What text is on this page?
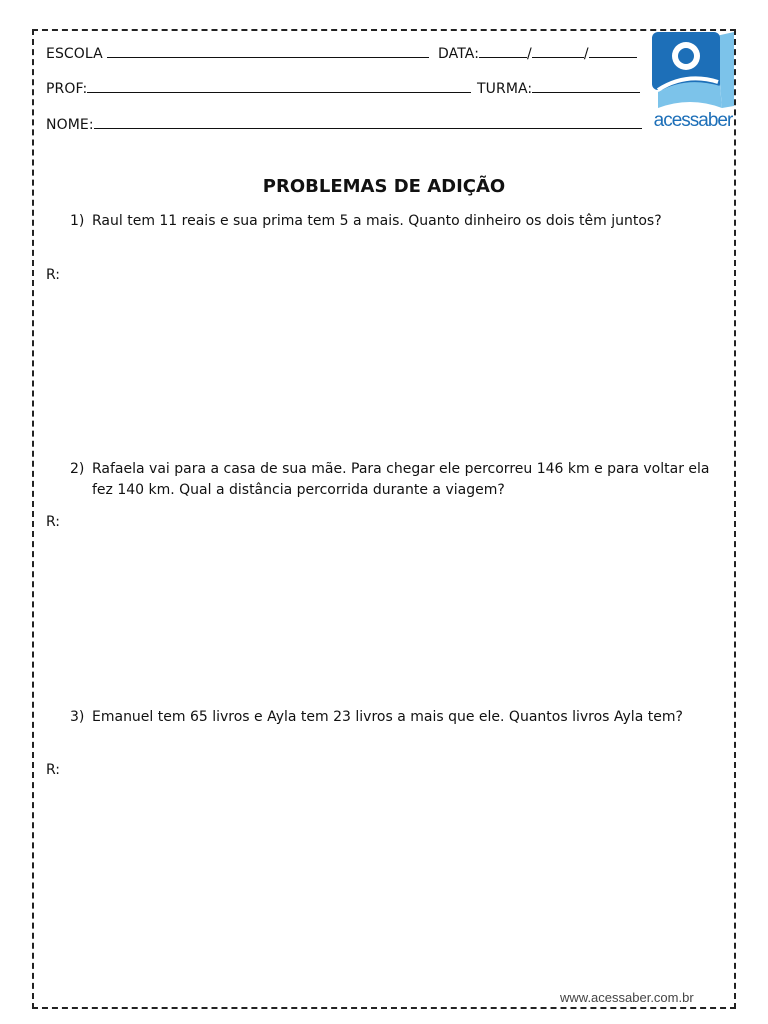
ESCOLA	DATA:	/	/
PROF:	TURMA:
NOME:	acessaber
PROBLEMAS DE ADIÇÃO
1) Raul tem 11 reais e sua prima tem 5 a mais. Quanto dinheiro os dois têm juntos?
R:
2) Rafaela vai para a casa de sua mãe. Para chegar ele percorreu 146 km e para voltar ela fez 140 km. Qual a distância percorrida durante a viagem?
R:
3) Emanuel tem 65 livros e Ayla tem 23 livros a mais que ele. Quantos livros Ayla tem?
R:
www.acessaber.com.br
